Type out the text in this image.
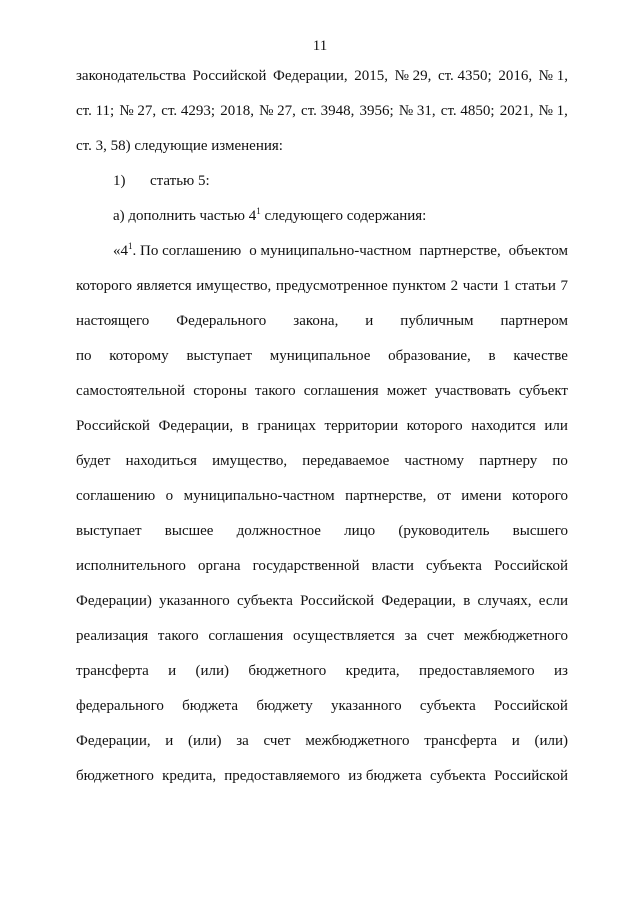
11
законодательства Российской Федерации, 2015, № 29, ст. 4350; 2016, № 1,
ст. 11; № 27, ст. 4293; 2018, № 27, ст. 3948, 3956; № 31, ст. 4850; 2021, № 1,
ст. 3, 58) следующие изменения:
1) статью 5:
а) дополнить частью $4^1$ следующего содержания:
«$4^1$. По соглашению о муниципально-частном партнерстве, объектом
которого является имущество, предусмотренное пунктом 2 части 1 статьи 7
настоящего Федерального закона, и публичным партнером
по которому выступает муниципальное образование, в качестве
самостоятельной стороны такого соглашения может участвовать субъект
Российской Федерации, в границах территории которого находится или
будет находиться имущество, передаваемое частному партнеру по
соглашению о муниципально-частном партнерстве, от имени которого
выступает высшее должностное лицо (руководитель высшего
исполнительного органа государственной власти субъекта Российской
Федерации) указанного субъекта Российской Федерации, в случаях, если
реализация такого соглашения осуществляется за счет межбюджетного
трансферта и (или) бюджетного кредита, предоставляемого из
федерального бюджета бюджету указанного субъекта Российской
Федерации, и (или) за счет межбюджетного трансферта и (или)
бюджетного кредита, предоставляемого из бюджета субъекта Российской
